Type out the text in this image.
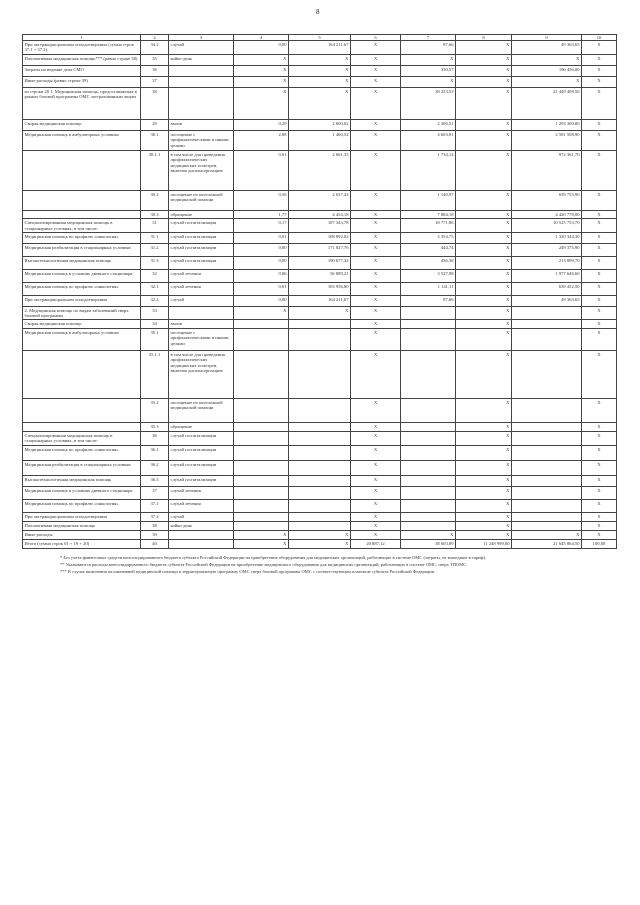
8
1	2	3	4	5	6	7	8	9	10
При экстракорпоральном оплодотворении (сумма строк 37.1 + 37.2)	34.2	случай	0,00	164 211,67	X	87,66	X	49 363,65	X
Паллиативная медицинская помощь*** (равно строке 38)	35	койко-день	X	X	X	X	X	X	X
Затраты на ведение дела СМО	36		X	X	X	350,57	X	196 456,00	X
Иные расходы (равно строке 39)	37		X	X	X	X	X	X	X
из строки 20 1. Медицинская помощь, предоставляемая в рамках базовой программы ОМС застрахованным лицам	38		X	X	X	38 253,53	X	21 449 408,50	X
Скорая медицинская помощь	29	вызов	0,29	2 600,02	X	2 306,51	X	1 293 300,80	X
Медицинская помощь в амбулаторных условиях	30.1	посещение с профилактическими и иными целями	2,88	1 460,52	X	4 603,81	X	2 581 508,90	X
	30.1.1	в том числе для проведения профилактических медицинских осмотров, включая диспансеризацию	0,61	2 661,35	X	1 734,14	X	972 361,70	X
	30.2	посещение по неотложной медицинской помощи	0,56	2 037,43	X	1 140,97	X	639 755,90	X
	30.3	обращение	1,77	4 454,18	X	7 884,18	X	4 420 778,00	X
Специализированная медицинская помощь в стационарных условиях, в том числе:	31	случай госпитализации	0,17	107 343,78	X	18 771,86	X	10 525 753,70	X
Медицинская помощь по профилю «онкология»	31.1	случай госпитализации	0,01	108 892,02	X	2 354,75	X	1 320 344,30	X
Медицинская реабилитация в стационарных условиях	31.2	случай госпитализации	0,00	171 827,76	X	444,74	X	249 375,90	X
Высокотехнологичная медицинская помощь	31.3	случай госпитализации	0,00	190 677,32	X	436,38	X	213 899,70	X
Медицинская помощь в условиях дневного стационара	32	случай лечения	0,06	56 889,21	X	3 527,88	X	1 977 646,60	X
Медицинская помощь по профилю «онкология»	32.1	случай лечения	0,01	103 956,80	X	1 141,11	X	639 452,50	X
При экстракорпоральном оплодотворении	32.2	случай	0,00	164 211,67	X	87,66	X	49 363,65	X
2. Медицинская помощь по видам заболеваний сверх базовой программы	33		X	X	X		X		X
Скорая медицинская помощь	34	вызов			X		X		X
Медицинская помощь в амбулаторных условиях	35.1	посещение с профилактическими и иными целями			X		X		X
	35.1.1	в том числе для проведения профилактических медицинских осмотров, включая диспансеризацию			X		X		X
	35.2	посещение по неотложной медицинской помощи			X		X		X
	35.3	обращение			X		X		X
Специализированная медицинская помощь в стационарных условиях, в том числе:	36	случай госпитализации			X		X		X
Медицинская помощь по профилю «онкология»	36.1	случай госпитализации			X		X		X
Медицинская реабилитация в стационарных условиях	36.2	случай госпитализации			X		X		X
Высокотехнологичная медицинская помощь	36.3	случай госпитализации			X		X		X
Медицинская помощь в условиях дневного стационара	37	случай лечения			X		X		X
Медицинская помощь по профилю «онкология»	37.1	случай лечения			X		X		X
При экстракорпоральном оплодотворении	37.2	случай			X		X		X
Паллиативная медицинская помощь	38	койко-день			X		X		X
Иные расходы	39		X	X	X	X	X	X	X
Итого (сумма строк 01 + 19 + 20)	40		X	X	20 887,12	38 603,89	11 248 999,00	21 645 864,50	100,00
* Без учета финансовых средств консолидированного бюджета субъекта Российской Федерации на приобретение оборудования для медицинских организаций, работающих в системе ОМС (затраты, не вошедшие в тариф).
** Указываются расходы консолидированного бюджета субъекта Российской Федерации на приобретение медицинского оборудования для медицинских организаций, работающих в системе ОМС, сверх ТПОМС.
*** В случае включения паллиативной медицинской помощи в территориальную программу ОМС сверх базовой программы ОМС с соответствующим платежом субъекта Российской Федерации.
